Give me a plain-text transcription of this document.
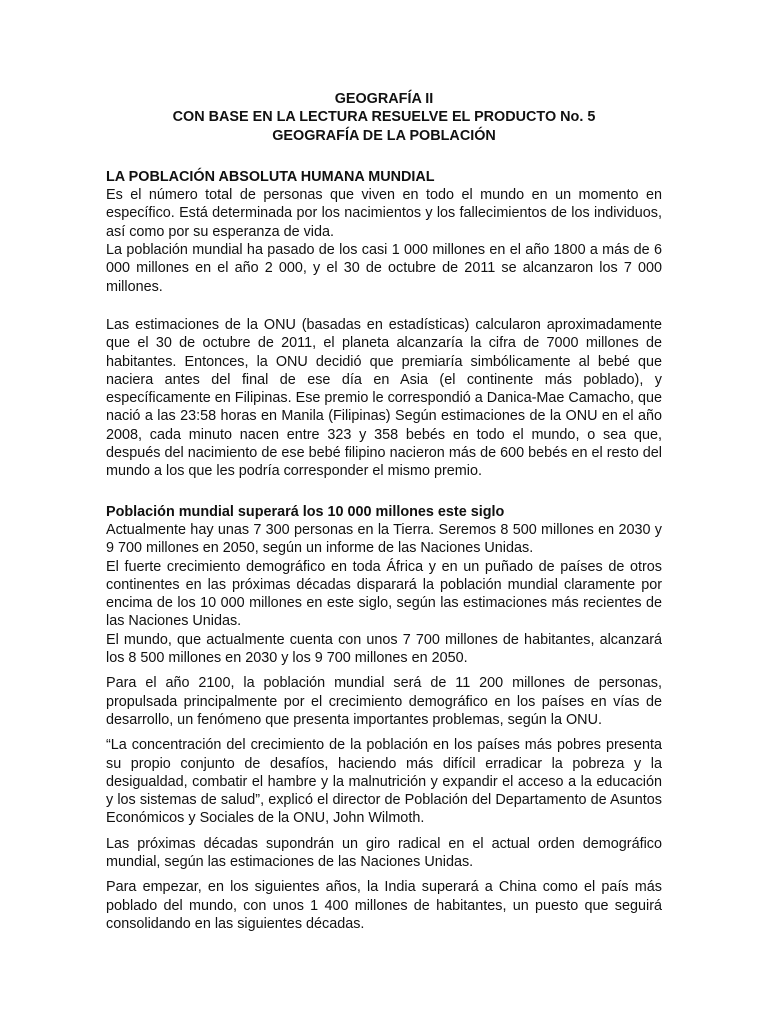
GEOGRAFÍA II
CON BASE EN LA LECTURA RESUELVE EL PRODUCTO No. 5
GEOGRAFÍA DE LA POBLACIÓN
LA POBLACIÓN ABSOLUTA HUMANA MUNDIAL

Es el número total de personas que viven en todo el mundo en un momento en específico. Está determinada por los nacimientos y los fallecimientos de los individuos, así como por su esperanza de vida.

La población mundial ha pasado de los casi 1 000 millones en el año 1800 a más de 6 000 millones en el año 2 000, y el 30 de octubre de 2011 se alcanzaron los 7 000 millones.

Las estimaciones de la ONU (basadas en estadísticas) calcularon aproximadamente que el 30 de octubre de 2011, el planeta alcanzaría la cifra de 7000 millones de habitantes. Entonces, la ONU decidió que premiaría simbólicamente al bebé que naciera antes del final de ese día en Asia (el continente más poblado), y específicamente en Filipinas. Ese premio le correspondió a Danica-Mae Camacho, que nació a las 23:58 horas en Manila (Filipinas) Según estimaciones de la ONU en el año 2008, cada minuto nacen entre 323 y 358 bebés en todo el mundo, o sea que, después del nacimiento de ese bebé filipino nacieron más de 600 bebés en el resto del mundo a los que les podría corresponder el mismo premio.

Población mundial superará los 10 000 millones este siglo

Actualmente hay unas 7 300 personas en la Tierra. Seremos 8 500 millones en 2030 y 9 700 millones en 2050, según un informe de las Naciones Unidas.

El fuerte crecimiento demográfico en toda África y en un puñado de países de otros continentes en las próximas décadas disparará la población mundial claramente por encima de los 10 000 millones en este siglo, según las estimaciones más recientes de las Naciones Unidas.

El mundo, que actualmente cuenta con unos 7 700 millones de habitantes, alcanzará los 8 500 millones en 2030 y los 9 700 millones en 2050.

Para el año 2100, la población mundial será de 11 200 millones de personas, propulsada principalmente por el crecimiento demográfico en los países en vías de desarrollo, un fenómeno que presenta importantes problemas, según la ONU.

“La concentración del crecimiento de la población en los países más pobres presenta su propio conjunto de desafíos, haciendo más difícil erradicar la pobreza y la desigualdad, combatir el hambre y la malnutrición y expandir el acceso a la educación y los sistemas de salud”, explicó el director de Población del Departamento de Asuntos Económicos y Sociales de la ONU, John Wilmoth.

Las próximas décadas supondrán un giro radical en el actual orden demográfico mundial, según las estimaciones de las Naciones Unidas.

Para empezar, en los siguientes años, la India superará a China como el país más poblado del mundo, con unos 1 400 millones de habitantes, un puesto que seguirá consolidando en las siguientes décadas.
